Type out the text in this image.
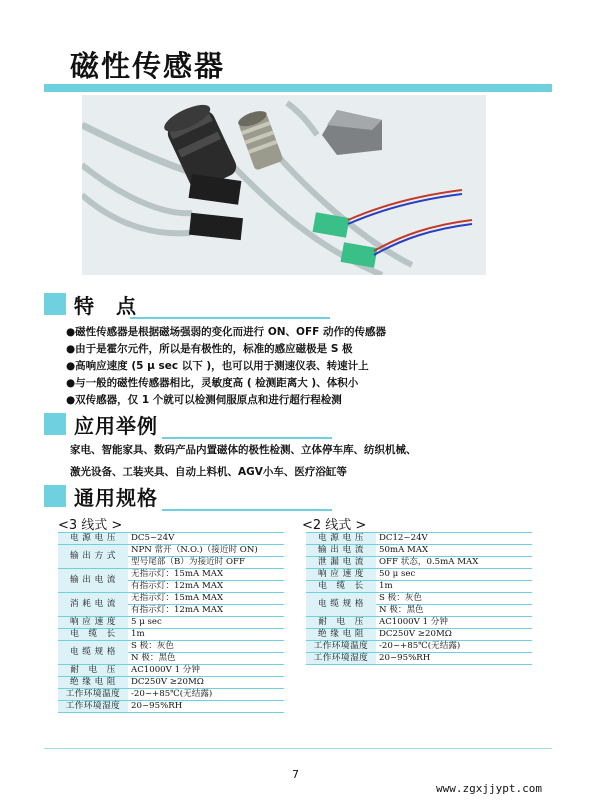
磁性传感器
特　点
●磁性传感器是根据磁场强弱的变化而进行 ON、OFF 动作的传感器
●由于是霍尔元件，所以是有极性的，标准的感应磁极是 S 极
●高响应速度 (5 μ sec 以下 )，也可以用于测速仪表、转速计上
●与一般的磁性传感器相比，灵敏度高 ( 检测距离大 )、体积小
●双传感器，仅 1 个就可以检测伺服原点和进行超行程检测
应用举例
家电、智能家具、数码产品内置磁体的极性检测、立体停车库、纺织机械、
激光设备、工装夹具、自动上料机、AGV小车、医疗浴缸等
通用规格
<3 线式 >	<2 线式 >
电 源 电 压	DC5~24V
输 出 方 式	NPN 常开（N.O.)（接近时 ON)
	型号尾部（B）为接近时 OFF
输 出 电 流	无指示灯：15mA MAX
	有指示灯：12mA MAX
消 耗 电 流	无指示灯：15mA MAX
	有指示灯：12mA MAX
响 应 速 度	5 μ sec
电　缆　长	1m
电 缆 规 格	S 极：灰色
	N 极：黑色
耐　电　压	AC1000V 1 分钟
绝 缘 电 阻	DC250V ≥20MΩ
工作环境温度	-20~+85℃(无结露)
工作环境湿度	20~95%RH
电 源 电 压	DC12~24V
输 出 电 流	50mA MAX
泄 漏 电 流	OFF 状态，0.5mA MAX
响 应 速 度	50 μ sec
电　缆　长	1m
电 缆 规 格	S 极：灰色
	N 极：黑色
耐　电　压	AC1000V 1 分钟
绝 缘 电 阻	DC250V ≥20MΩ
工作环境温度	-20~+85℃(无结露)
工作环境湿度	20~95%RH
7
www.zgxjjypt.com
